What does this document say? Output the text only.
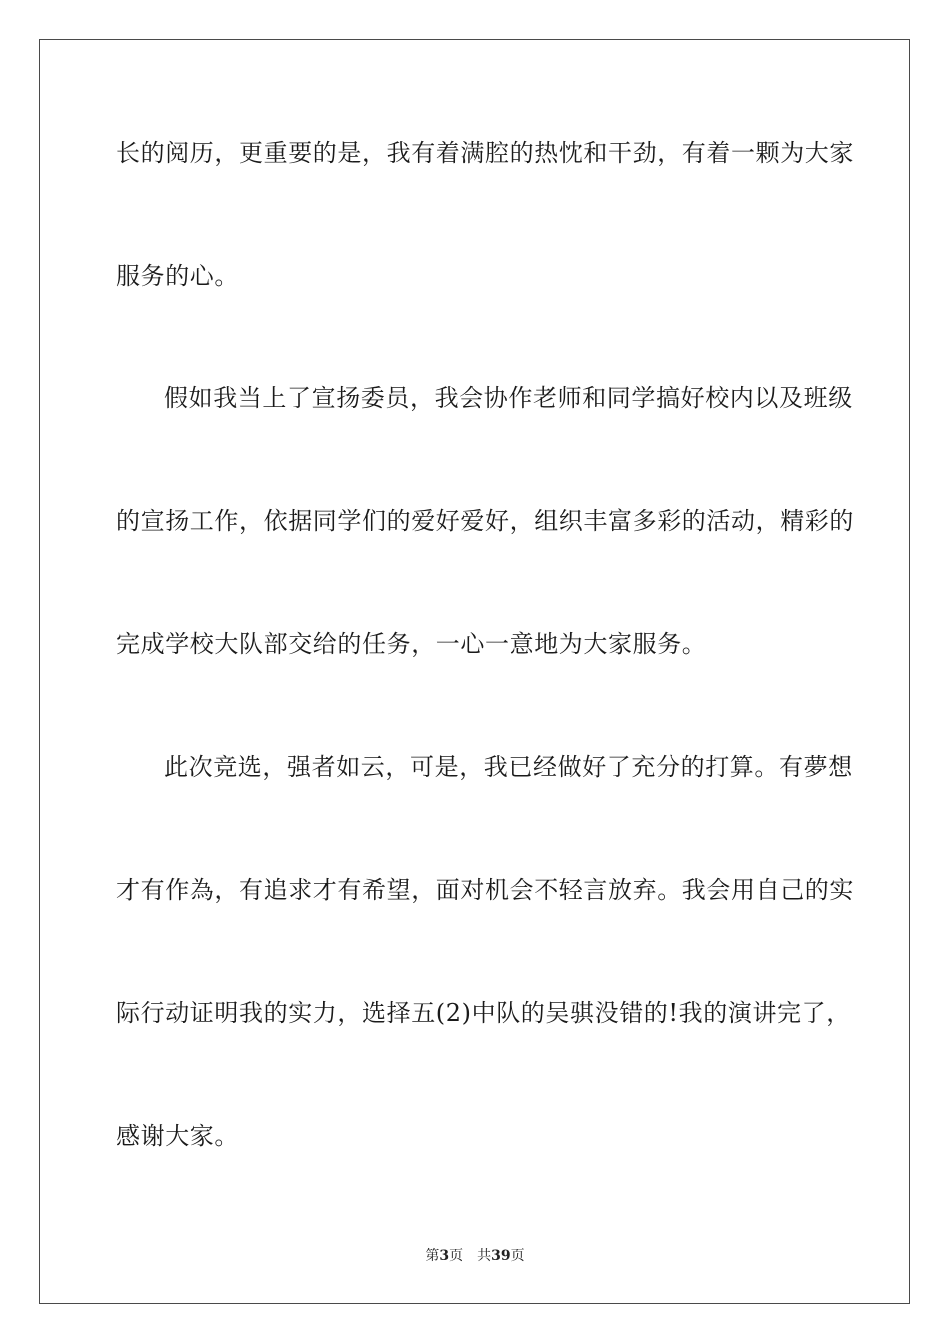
长的阅历，更重要的是，我有着满腔的热忱和干劲，有着一颗为大家
服务的心。
假如我当上了宣扬委员，我会协作老师和同学搞好校内以及班级
的宣扬工作，依据同学们的爱好爱好，组织丰富多彩的活动，精彩的
完成学校大队部交给的任务，一心一意地为大家服务。
此次竞选，强者如云，可是，我已经做好了充分的打算。有夢想
才有作為，有追求才有希望，面对机会不轻言放弃。我会用自己的实
际行动证明我的实力，选择五(2)中队的吴骐没错的!我的演讲完了，
感谢大家。
第3页 共39页
